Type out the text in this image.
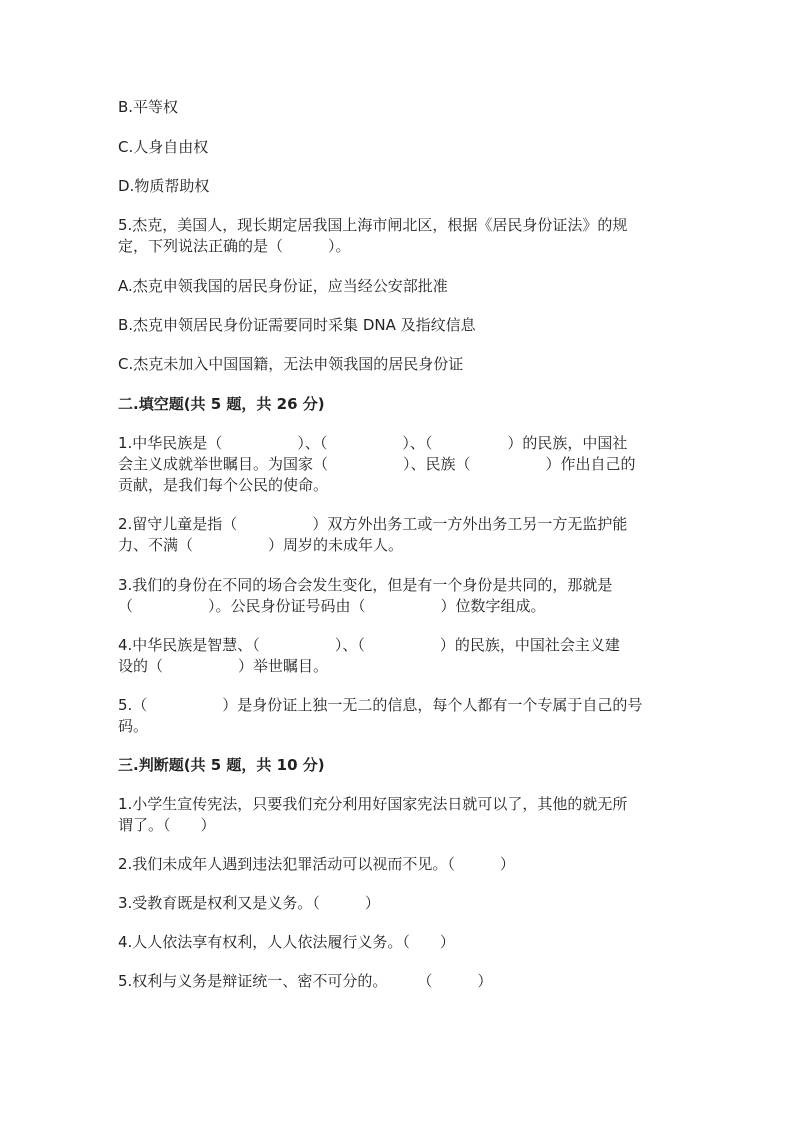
B.平等权

C.人身自由权

D.物质帮助权

5.杰克，美国人，现长期定居我国上海市闸北区，根据《居民身份证法》的规

定，下列说法正确的是（　　　）。

A.杰克申领我国的居民身份证，应当经公安部批准

B.杰克申领居民身份证需要同时采集 DNA 及指纹信息

C.杰克未加入中国国籍，无法申领我国的居民身份证

二.填空题(共 5 题，共 26 分)

1.中华民族是（　　　　　）、（　　　　　）、（　　　　　）的民族，中国社

会主义成就举世瞩目。为国家（　　　　　）、民族（　　　　　）作出自己的

贡献，是我们每个公民的使命。

2.留守儿童是指（　　　　　）双方外出务工或一方外出务工另一方无监护能

力、不满（　　　　　）周岁的未成年人。

3.我们的身份在不同的场合会发生变化，但是有一个身份是共同的，那就是

（　　　　　）。公民身份证号码由（　　　　　）位数字组成。

4.中华民族是智慧、（　　　　　）、（　　　　　）的民族，中国社会主义建

设的（　　　　　）举世瞩目。

5.（　　　　　）是身份证上独一无二的信息，每个人都有一个专属于自己的号

码。

三.判断题(共 5 题，共 10 分)

1.小学生宣传宪法，只要我们充分利用好国家宪法日就可以了，其他的就无所

谓了。（　　）

2.我们未成年人遇到违法犯罪活动可以视而不见。（　　　）

3.受教育既是权利又是义务。（　　　）

4.人人依法享有权利，人人依法履行义务。（　　）

5.权利与义务是辩证统一、密不可分的。　　　（　　　）
